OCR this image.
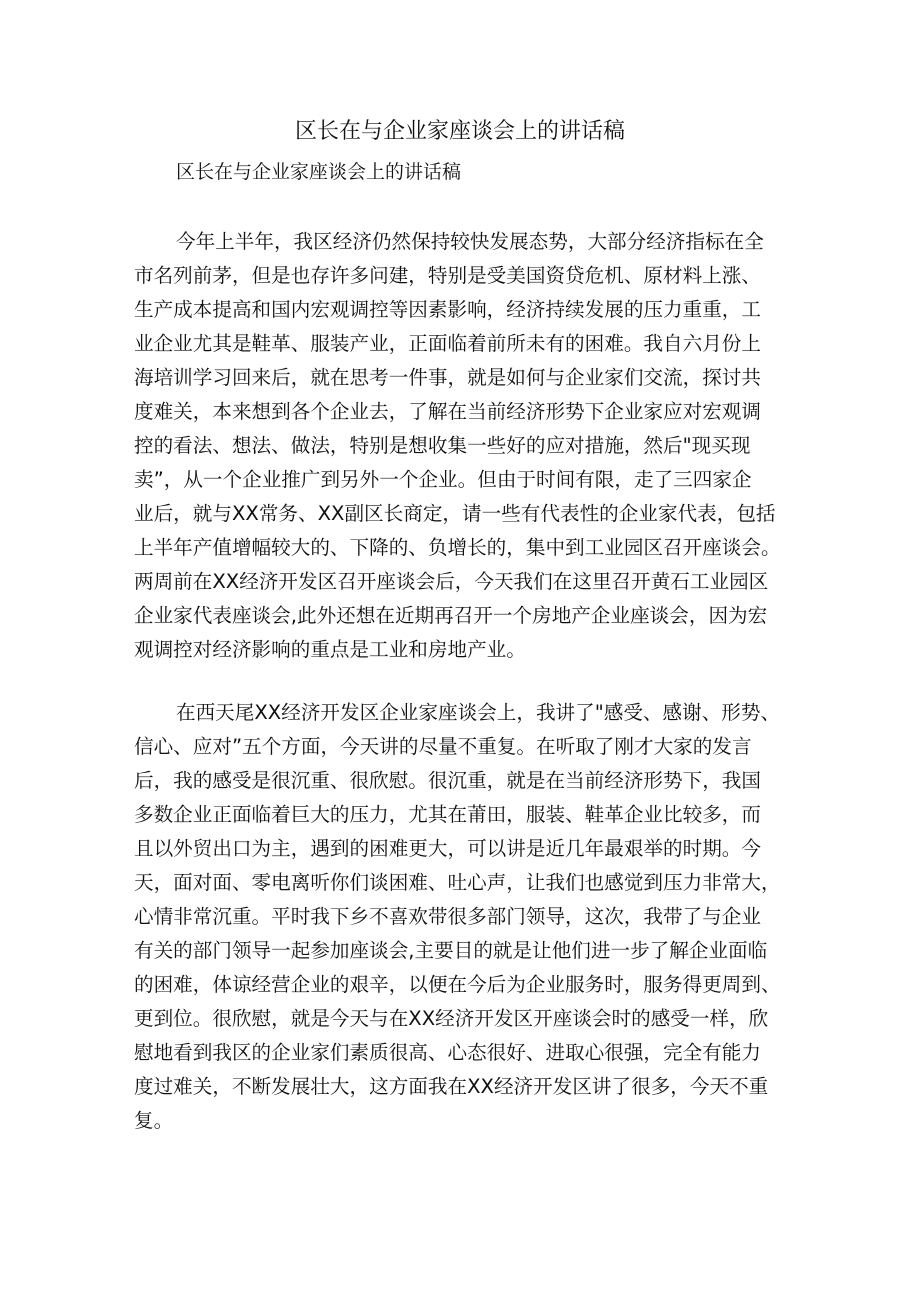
区长在与企业家座谈会上的讲话稿

区长在与企业家座谈会上的讲话稿

今年上半年，我区经济仍然保持较快发展态势，大部分经济指标在全
市名列前茅，但是也存许多问建，特别是受美国资贷危机、原材料上涨、
生产成本提高和国内宏观调控等因素影响，经济持续发展的压力重重，工
业企业尤其是鞋革、服装产业，正面临着前所未有的困难。我自六月份上
海培训学习回来后，就在思考一件事，就是如何与企业家们交流，探讨共
度难关，本来想到各个企业去，了解在当前经济形势下企业家应对宏观调
控的看法、想法、做法，特别是想收集一些好的应对措施，然后"现买现
卖”，从一个企业推广到另外一个企业。但由于时间有限，走了三四家企
业后，就与XX常务、XX副区长商定，请一些有代表性的企业家代表，包括
上半年产值增幅较大的、下降的、负增长的，集中到工业园区召开座谈会。
两周前在XX经济开发区召开座谈会后，今天我们在这里召开黄石工业园区
企业家代表座谈会,此外还想在近期再召开一个房地产企业座谈会，因为宏
观调控对经济影响的重点是工业和房地产业。
在西天尾XX经济开发区企业家座谈会上，我讲了"感受、感谢、形势、
信心、应对”五个方面，今天讲的尽量不重复。在听取了刚才大家的发言
后，我的感受是很沉重、很欣慰。很沉重，就是在当前经济形势下，我国
多数企业正面临着巨大的压力，尤其在莆田，服装、鞋革企业比较多，而
且以外贸出口为主，遇到的困难更大，可以讲是近几年最艰举的时期。今
天，面对面、零电离听你们谈困难、吐心声，让我们也感觉到压力非常大，
心情非常沉重。平时我下乡不喜欢带很多部门领导，这次，我带了与企业
有关的部门领导一起参加座谈会,主要目的就是让他们进一步了解企业面临
的困难，体谅经营企业的艰辛，以便在今后为企业服务时，服务得更周到、
更到位。很欣慰，就是今天与在XX经济开发区开座谈会时的感受一样，欣
慰地看到我区的企业家们素质很高、心态很好、进取心很强，完全有能力
度过难关，不断发展壮大，这方面我在XX经济开发区讲了很多，今天不重
复。
